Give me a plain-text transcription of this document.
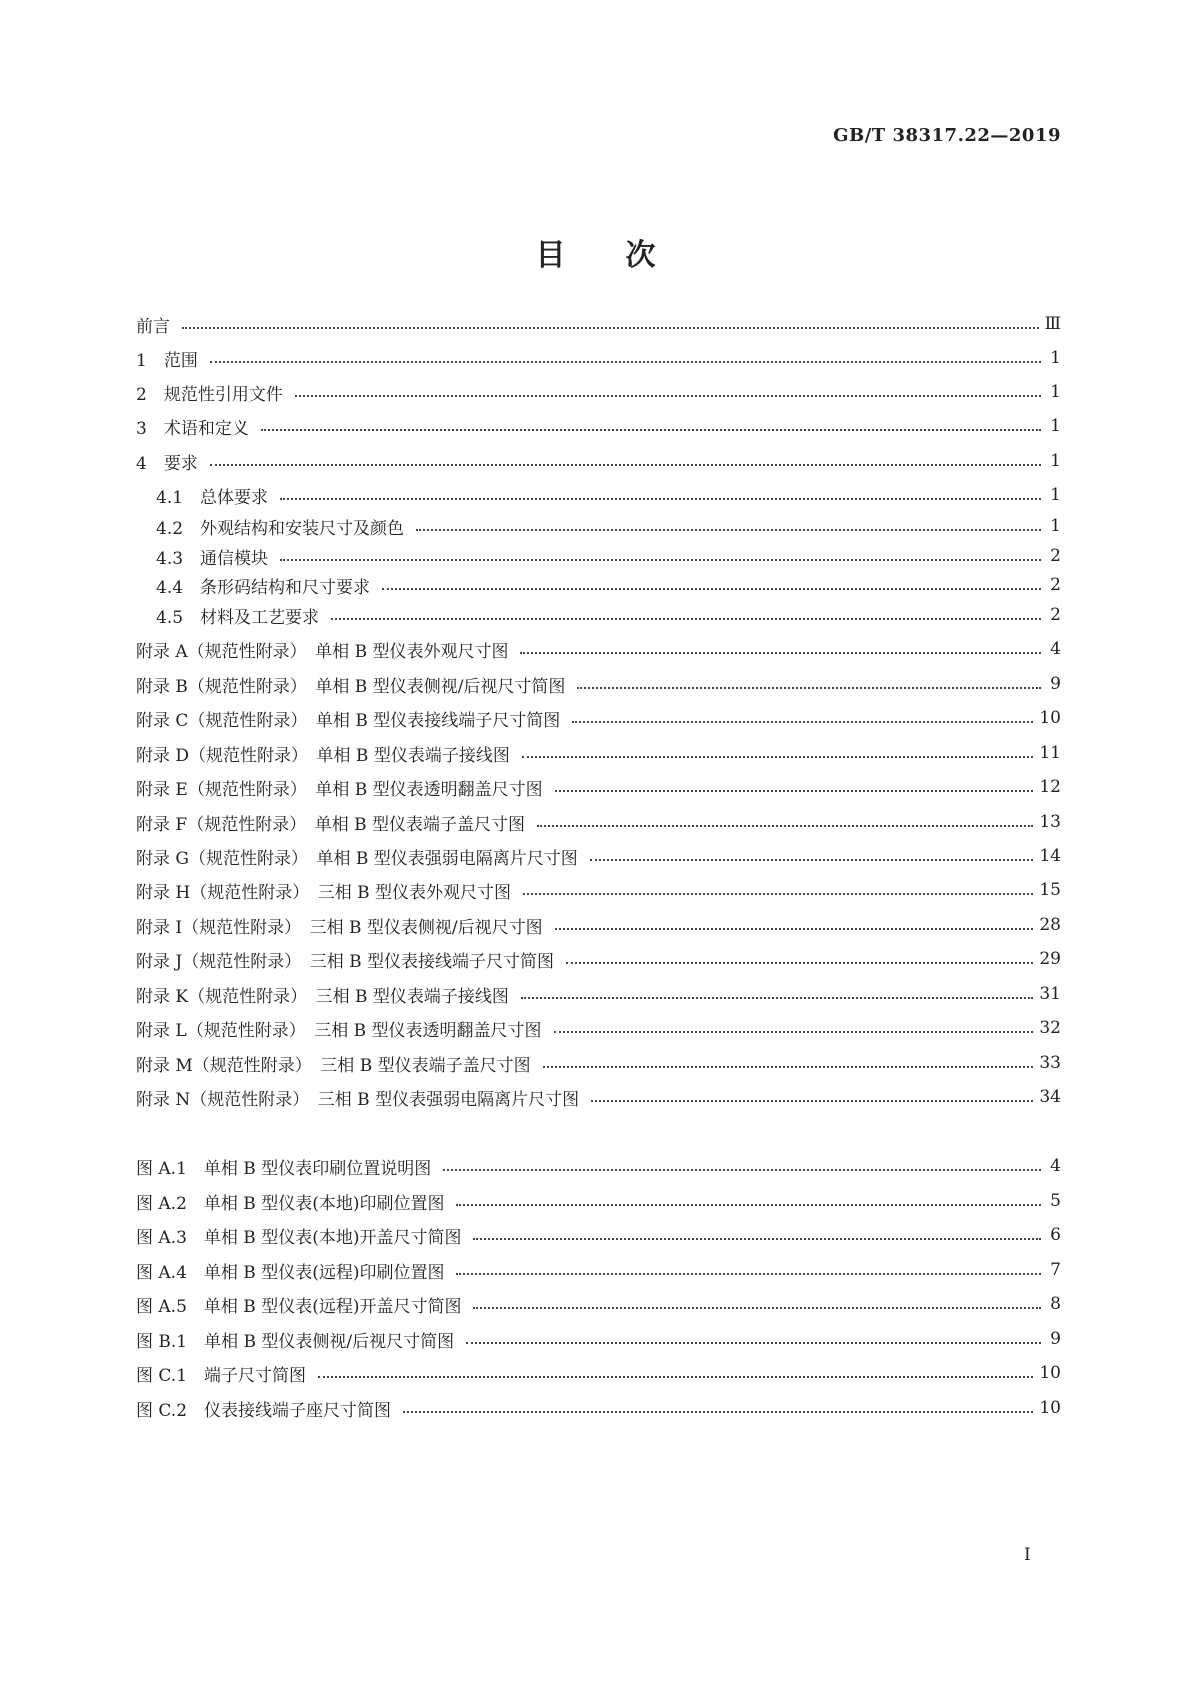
GB/T 38317.22—2019
目　　次
前言	Ⅲ
1　范围	1
2　规范性引用文件	1
3　术语和定义	1
4　要求	1
4.1　总体要求	1
4.2　外观结构和安装尺寸及颜色	1
4.3　通信模块	2
4.4　条形码结构和尺寸要求	2
4.5　材料及工艺要求	2
附录 A（规范性附录）　单相 B 型仪表外观尺寸图	4
附录 B（规范性附录）　单相 B 型仪表侧视/后视尺寸简图	9
附录 C（规范性附录）　单相 B 型仪表接线端子尺寸简图	10
附录 D（规范性附录）　单相 B 型仪表端子接线图	11
附录 E（规范性附录）　单相 B 型仪表透明翻盖尺寸图	12
附录 F（规范性附录）　单相 B 型仪表端子盖尺寸图	13
附录 G（规范性附录）　单相 B 型仪表强弱电隔离片尺寸图	14
附录 H（规范性附录）　三相 B 型仪表外观尺寸图	15
附录 I（规范性附录）　三相 B 型仪表侧视/后视尺寸图	28
附录 J（规范性附录）　三相 B 型仪表接线端子尺寸简图	29
附录 K（规范性附录）　三相 B 型仪表端子接线图	31
附录 L（规范性附录）　三相 B 型仪表透明翻盖尺寸图	32
附录 M（规范性附录）　三相 B 型仪表端子盖尺寸图	33
附录 N（规范性附录）　三相 B 型仪表强弱电隔离片尺寸图	34
图 A.1　单相 B 型仪表印刷位置说明图	4
图 A.2　单相 B 型仪表(本地)印刷位置图	5
图 A.3　单相 B 型仪表(本地)开盖尺寸简图	6
图 A.4　单相 B 型仪表(远程)印刷位置图	7
图 A.5　单相 B 型仪表(远程)开盖尺寸简图	8
图 B.1　单相 B 型仪表侧视/后视尺寸简图	9
图 C.1　端子尺寸简图	10
图 C.2　仪表接线端子座尺寸简图	10
I
